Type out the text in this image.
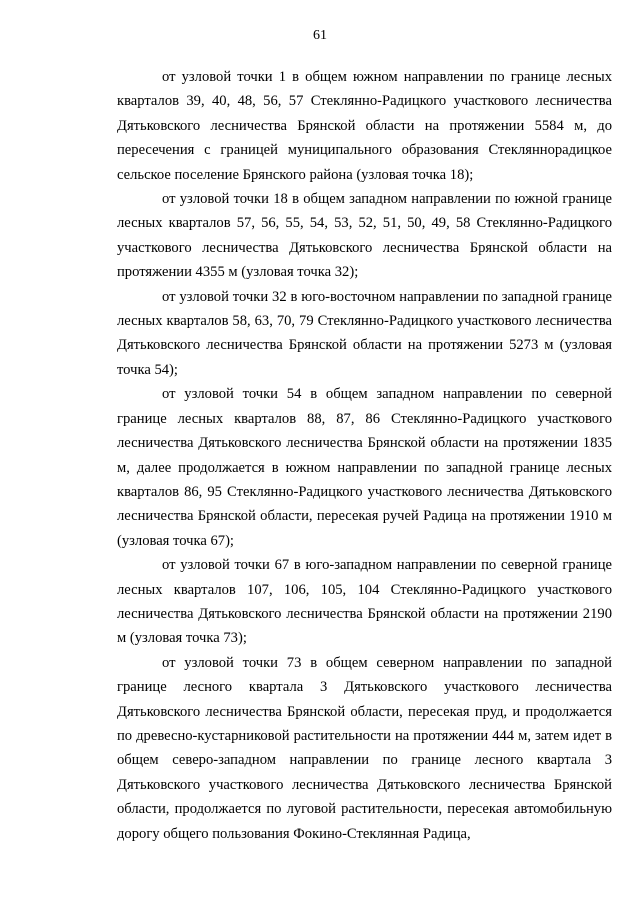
61

от узловой точки 1 в общем южном направлении по границе лесных кварталов 39, 40, 48, 56, 57 Стеклянно-Радицкого участкового лесничества Дятьковского лесничества Брянской области на протяжении 5584 м, до пересечения с границей муниципального образования Стекляннорадицкое сельское поселение Брянского района (узловая точка 18);

от узловой точки 18 в общем западном направлении по южной границе лесных кварталов 57, 56, 55, 54, 53, 52, 51, 50, 49, 58 Стеклянно-Радицкого участкового лесничества Дятьковского лесничества Брянской области на протяжении 4355 м (узловая точка 32);

от узловой точки 32 в юго-восточном направлении по западной границе лесных кварталов 58, 63, 70, 79 Стеклянно-Радицкого участкового лесничества Дятьковского лесничества Брянской области на протяжении 5273 м (узловая точка 54);

от узловой точки 54 в общем западном направлении по северной границе лесных кварталов 88, 87, 86 Стеклянно-Радицкого участкового лесничества Дятьковского лесничества Брянской области на протяжении 1835 м, далее продолжается в южном направлении по западной границе лесных кварталов 86, 95 Стеклянно-Радицкого участкового лесничества Дятьковского лесничества Брянской области, пересекая ручей Радица на протяжении 1910 м (узловая точка 67);

от узловой точки 67 в юго-западном направлении по северной границе лесных кварталов 107, 106, 105, 104 Стеклянно-Радицкого участкового лесничества Дятьковского лесничества Брянской области на протяжении 2190 м (узловая точка 73);

от узловой точки 73 в общем северном направлении по западной границе лесного квартала 3 Дятьковского участкового лесничества Дятьковского лесничества Брянской области, пересекая пруд, и продолжается по древесно-кустарниковой растительности на протяжении 444 м, затем идет в общем северо-западном направлении по границе лесного квартала 3 Дятьковского участкового лесничества Дятьковского лесничества Брянской области, продолжается по луговой растительности, пересекая автомобильную дорогу общего пользования Фокино-Стеклянная Радица,
